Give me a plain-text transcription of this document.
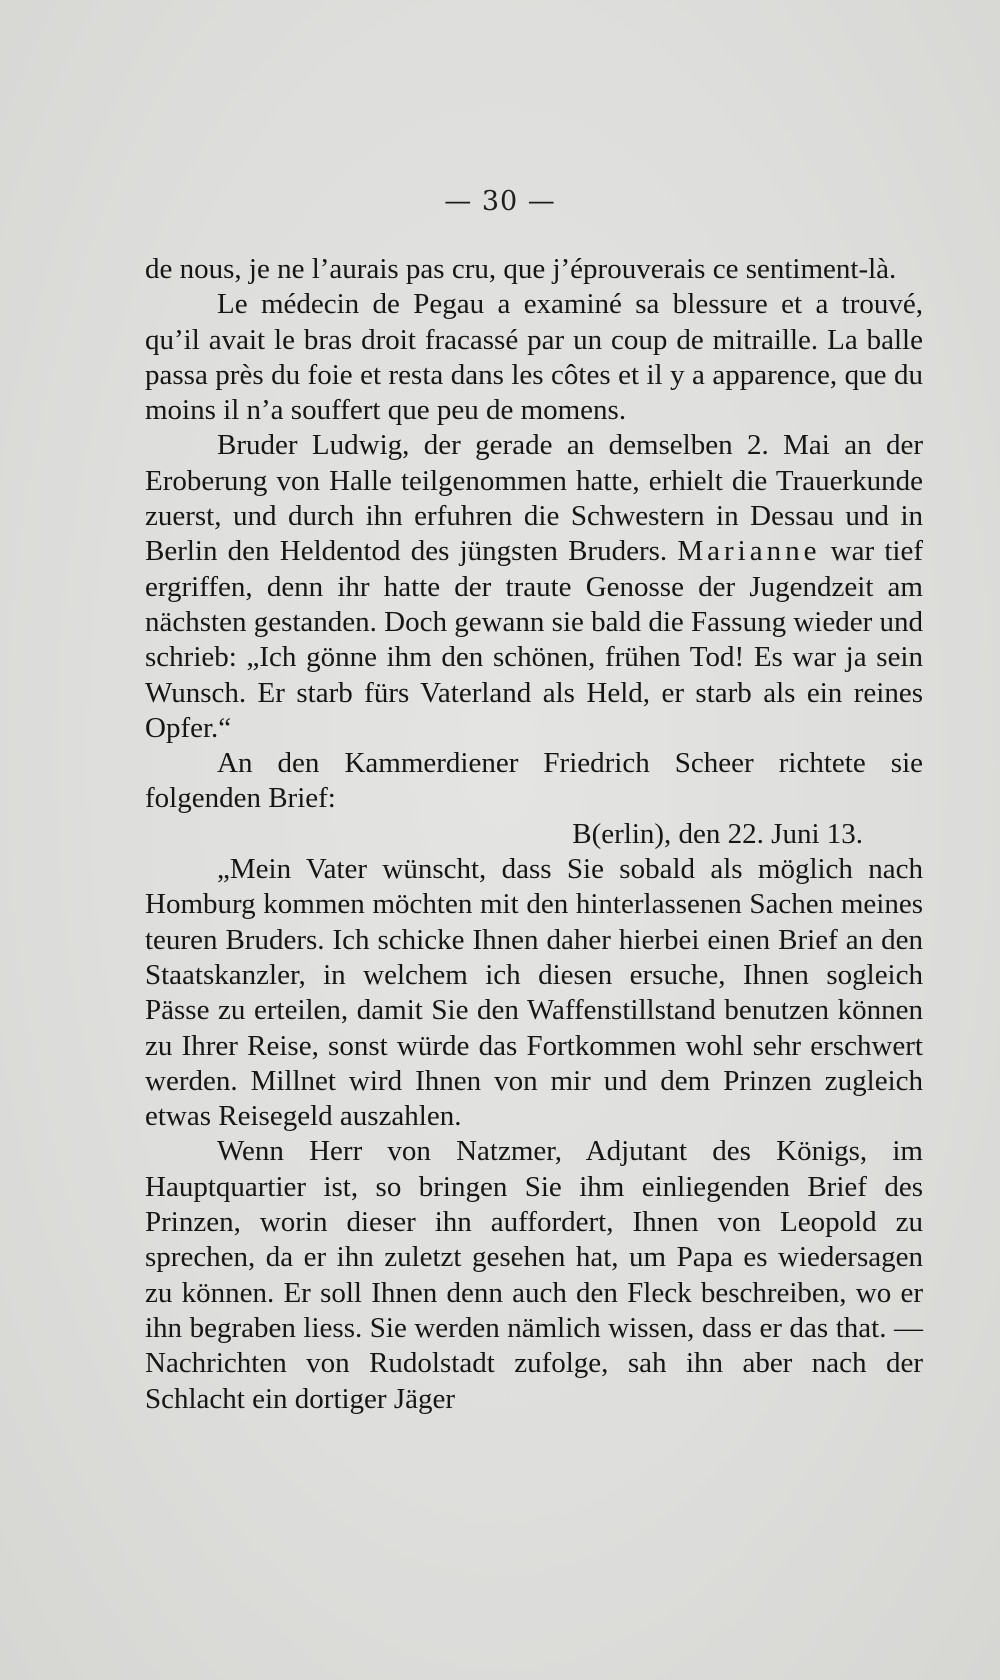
— 30 —

de nous, je ne l’aurais pas cru, que j’éprouverais ce sentiment-là.

Le médecin de Pegau a examiné sa blessure et a trouvé, qu’il avait le bras droit fracassé par un coup de mitraille. La balle passa près du foie et resta dans les côtes et il y a apparence, que du moins il n’a souffert que peu de momens.

Bruder Ludwig, der gerade an demselben 2. Mai an der Eroberung von Halle teilgenommen hatte, erhielt die Trauerkunde zuerst, und durch ihn erfuhren die Schwestern in Dessau und in Berlin den Heldentod des jüngsten Bruders. Marianne war tief ergriffen, denn ihr hatte der traute Genosse der Jugendzeit am nächsten gestanden. Doch gewann sie bald die Fassung wieder und schrieb: „Ich gönne ihm den schönen, frühen Tod! Es war ja sein Wunsch. Er starb fürs Vaterland als Held, er starb als ein reines Opfer.“

An den Kammerdiener Friedrich Scheer richtete sie folgenden Brief:

B(erlin), den 22. Juni 13.

„Mein Vater wünscht, dass Sie sobald als möglich nach Homburg kommen möchten mit den hinterlassenen Sachen meines teuren Bruders. Ich schicke Ihnen daher hierbei einen Brief an den Staatskanzler, in welchem ich diesen ersuche, Ihnen sogleich Pässe zu erteilen, damit Sie den Waffenstillstand benutzen können zu Ihrer Reise, sonst würde das Fortkommen wohl sehr erschwert werden. Millnet wird Ihnen von mir und dem Prinzen zugleich etwas Reisegeld auszahlen.

Wenn Herr von Natzmer, Adjutant des Königs, im Hauptquartier ist, so bringen Sie ihm einliegenden Brief des Prinzen, worin dieser ihn auffordert, Ihnen von Leopold zu sprechen, da er ihn zuletzt gesehen hat, um Papa es wiedersagen zu können. Er soll Ihnen denn auch den Fleck beschreiben, wo er ihn begraben liess. Sie werden nämlich wissen, dass er das that. — Nachrichten von Rudolstadt zufolge, sah ihn aber nach der Schlacht ein dortiger Jäger
